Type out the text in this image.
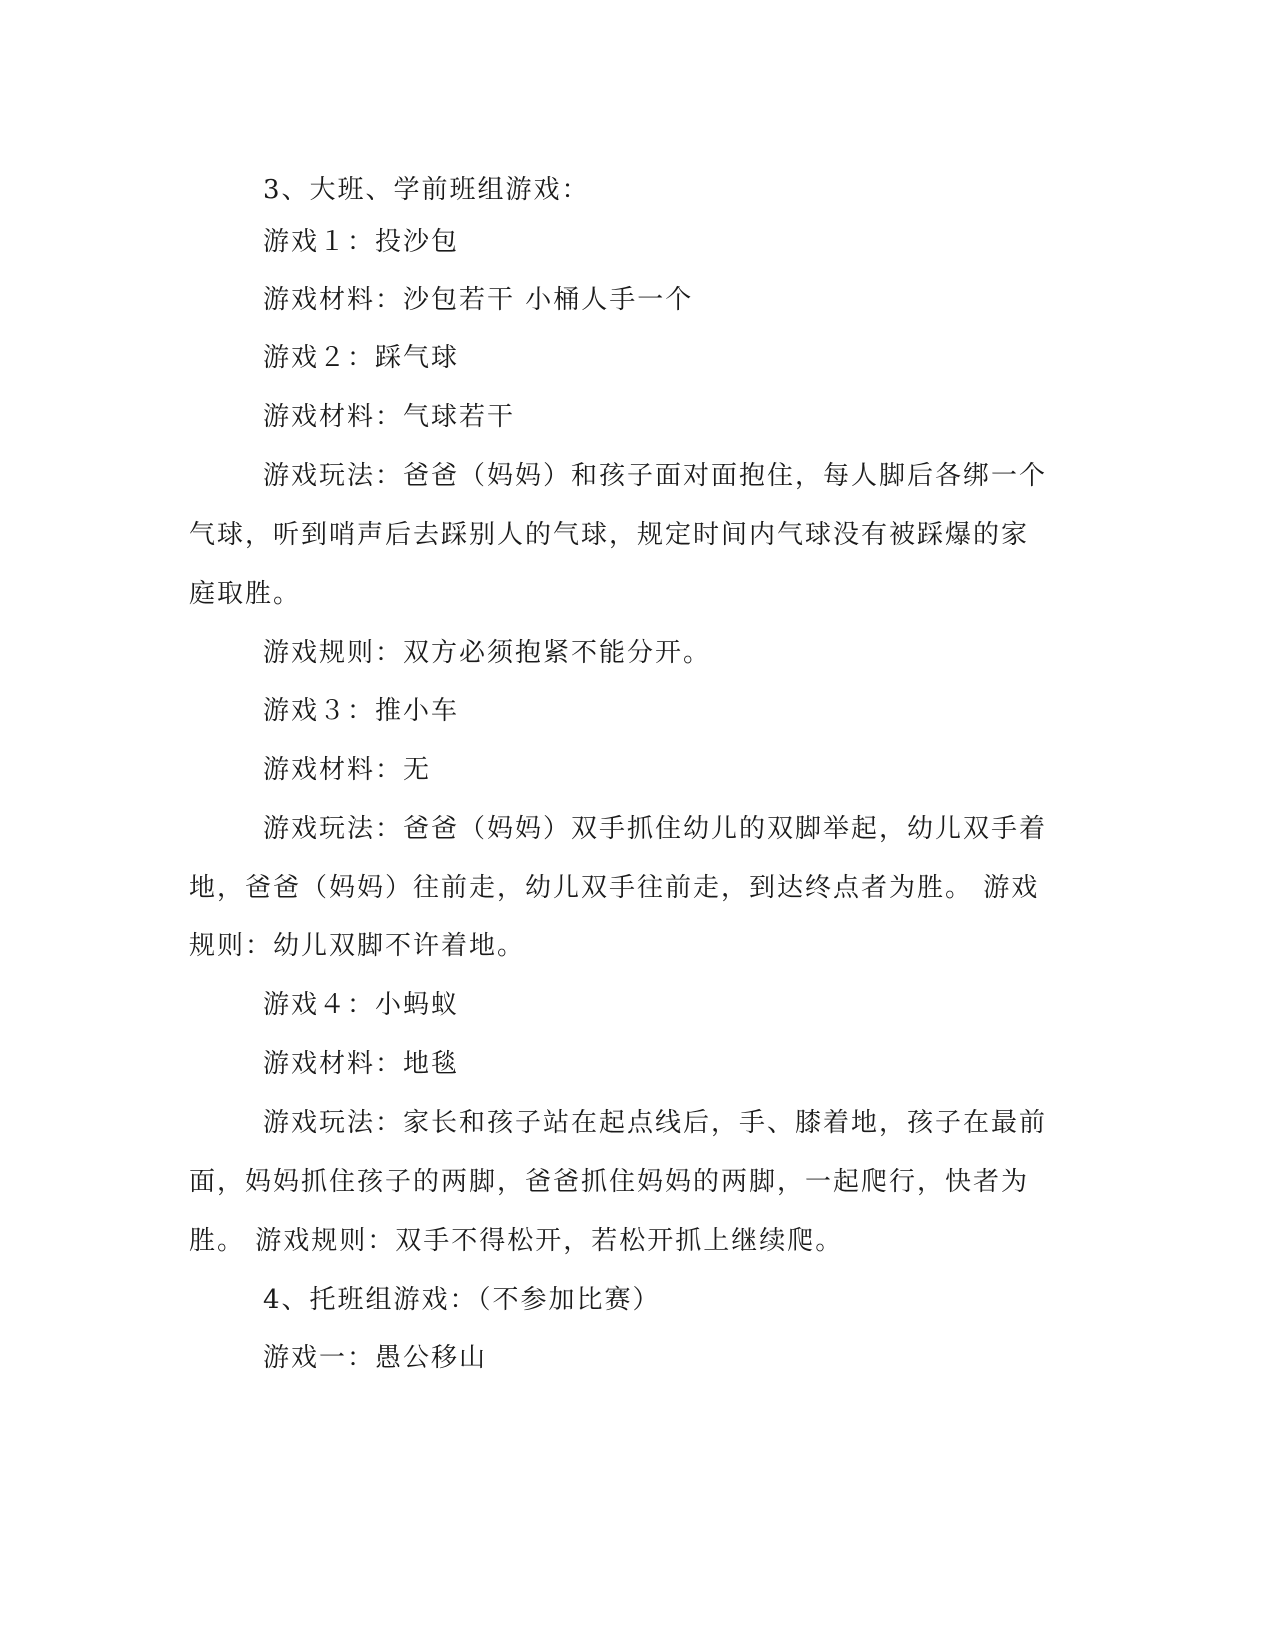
3、大班、学前班组游戏：

游戏１：投沙包

游戏材料：沙包若干 小桶人手一个

游戏２：踩气球

游戏材料：气球若干

游戏玩法：爸爸（妈妈）和孩子面对面抱住，每人脚后各绑一个

气球，听到哨声后去踩别人的气球，规定时间内气球没有被踩爆的家

庭取胜。

游戏规则：双方必须抱紧不能分开。

游戏３：推小车

游戏材料：无

游戏玩法：爸爸（妈妈）双手抓住幼儿的双脚举起，幼儿双手着

地，爸爸（妈妈）往前走，幼儿双手往前走，到达终点者为胜。 游戏

规则：幼儿双脚不许着地。

游戏４：小蚂蚁

游戏材料：地毯

游戏玩法：家长和孩子站在起点线后，手、膝着地，孩子在最前

面，妈妈抓住孩子的两脚，爸爸抓住妈妈的两脚，一起爬行，快者为

胜。 游戏规则：双手不得松开，若松开抓上继续爬。

4、托班组游戏：（不参加比赛）

游戏一：愚公移山
